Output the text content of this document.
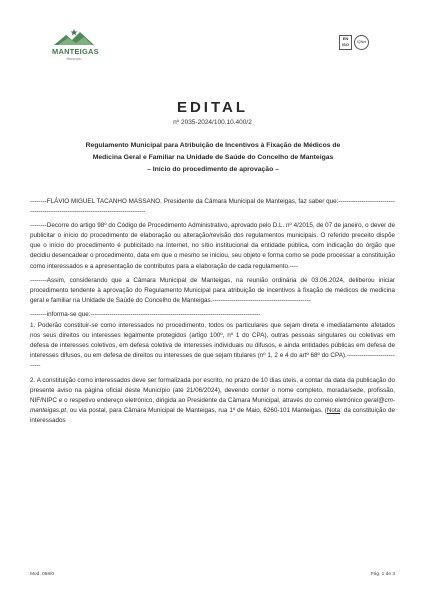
MANTEIGAS
Município
EN
ISO	IQNet
EDITAL
nº 2035-2024/100.10.400/2
Regulamento Municipal para Atribuição de Incentivos à Fixação de Médicos de
Medicina Geral e Familiar na Unidade de Saúde do Concelho de Manteigas
– Início do procedimento de aprovação –

--------FLÁVIO MIGUEL TACANHO MASSANO, Presidente da Câmara Municipal de Manteigas, faz saber que:----------------------------------------------------------------------------------

--------Decorre do artigo 98º do Código de Procedimento Administrativo, aprovado pelo D.L. nº 4/2015, de 07 de janeiro, o dever de publicitar o início do procedimento de elaboração ou alteração/revisão dos regulamentos municipais. O referido preceito dispõe que o início do procedimento é publicitado na Internet, no sítio institucional da entidade pública, com indicação do órgão que decidiu desencadear o procedimento, data em que o mesmo se iniciou, seu objeto e forma como se pode processar a constituição como interessados e a apresentação de contributos para a elaboração de cada regulamento.----

--------Assim, considerando que a Câmara Municipal de Manteigas, na reunião ordinária de 03.06.2024, deliberou iniciar procedimento tendente à aprovação do Regulamento Municipal para atribuição de incentivos à fixação de médicos de medicina geral e familiar na Unidade de Saúde do Concelho de Manteigas.-----------------------------------------------

--------informa-se que:---------------------------------------------------------------------------------

1. Poderão constituir-se como interessados no procedimento, todos os particulares que sejam direta e imediatamente afetados nos seus direitos ou interesses legalmente protegidos (artigo 100º, nº 1 do CPA), outras pessoas singulares ou coletivas em defesa de interesses coletivos, em defesa coletiva de interesses individuais ou difusos, e ainda entidades públicas em defesa de interesses difusos, ou em defesa de direitos ou interesses de que sejam titulares (nº 1, 2 e 4 do artº 68º do CPA).----------------------------

2. A constituição como interessados deve ser formalizada por escrito, no prazo de 10 dias úteis, a contar da data da publicação do presente aviso na página oficial deste Município (até 21/06/2024), devendo conter o nome completo, morada/sede, profissão, NIF/NIPC e o respetivo endereço eletrónico, dirigida ao Presidente da Câmara Municipal, através do correio eletrónico geral@cm-manteigas.pt, ou via postal, para Câmara Municipal de Manteigas, rua 1º de Maio, 6260-101 Manteigas. (Nota: da constituição de interessados

Mod. 058/0	Pág. 1 de 3
